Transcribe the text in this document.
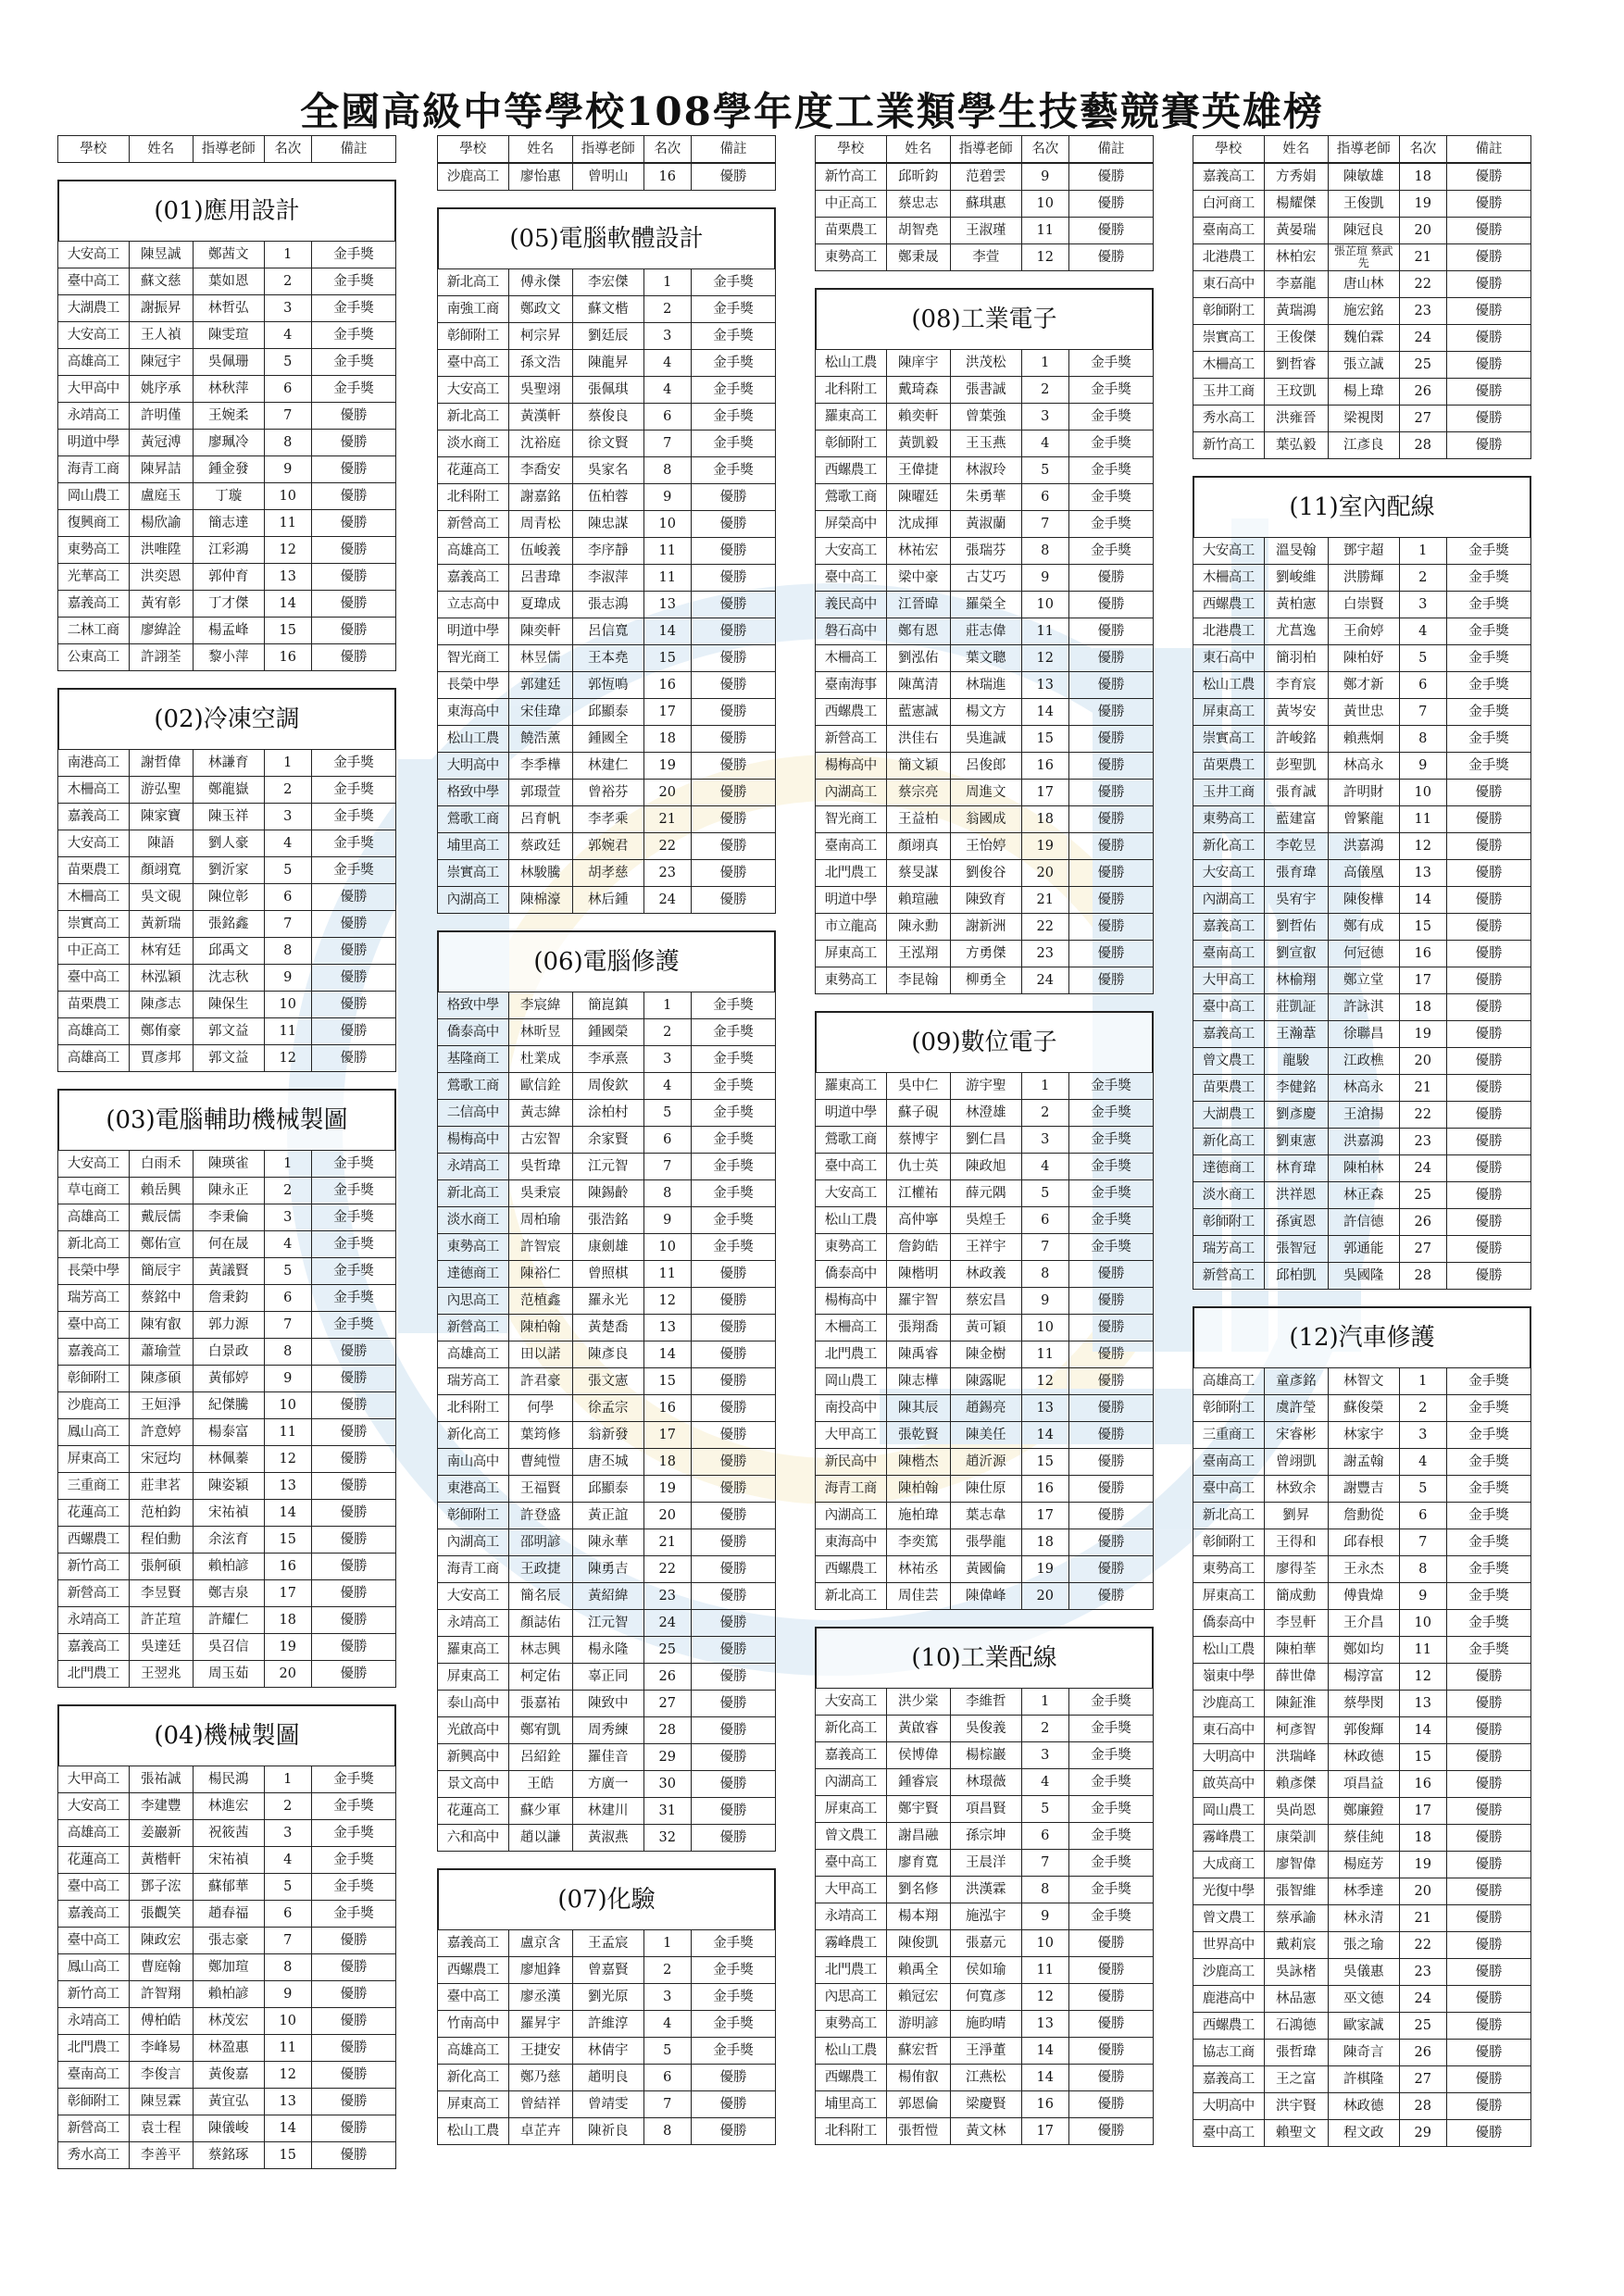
全國高級中等學校108學年度工業類學生技藝競賽英雄榜
學校	姓名	指導老師	名次	備註
(01)應用設計
大安高工	陳昱誠	鄭茜文	1	金手獎
臺中高工	蘇文慈	葉如恩	2	金手獎
大湖農工	謝振昇	林哲弘	3	金手獎
大安高工	王人禎	陳雯瑄	4	金手獎
高雄高工	陳冠宇	吳佩珊	5	金手獎
大甲高中	姚序承	林秋萍	6	金手獎
永靖高工	許明僅	王婉柔	7	優勝
明道中學	黃冠溥	廖珮冷	8	優勝
海青工商	陳昇詰	鍾金發	9	優勝
岡山農工	盧庭玉	丁璇	10	優勝
復興商工	楊欣諭	簡志達	11	優勝
東勢高工	洪唯陞	江彩鴻	12	優勝
光華高工	洪奕恩	郭仲育	13	優勝
嘉義高工	黃宥彰	丁才傑	14	優勝
二林工商	廖緯詮	楊孟峰	15	優勝
公東高工	許詡荃	黎小萍	16	優勝
(02)冷凍空調
南港高工	謝哲偉	林謙育	1	金手獎
木柵高工	游弘聖	鄭龍嶽	2	金手獎
嘉義高工	陳家寶	陳玉祥	3	金手獎
大安高工	陳語	劉人豪	4	金手獎
苗栗農工	顏翊寬	劉沂家	5	金手獎
木柵高工	吳文硯	陳位彰	6	優勝
崇實高工	黃新瑞	張銘鑫	7	優勝
中正高工	林宥廷	邱禹文	8	優勝
臺中高工	林泓穎	沈志秋	9	優勝
苗栗農工	陳彥志	陳保生	10	優勝
高雄高工	鄭侑豪	郭文益	11	優勝
高雄高工	賈彥邦	郭文益	12	優勝
(03)電腦輔助機械製圖
大安高工	白雨禾	陳瑛雀	1	金手獎
草屯商工	賴岳興	陳永正	2	金手獎
高雄高工	戴辰儒	李秉倫	3	金手獎
新北高工	鄭佑宣	何在晟	4	金手獎
長榮中學	簡辰宇	黃議賢	5	金手獎
瑞芳高工	蔡銘中	詹秉鈞	6	金手獎
臺中高工	陳宥叡	郭力源	7	金手獎
嘉義高工	蕭瑜萱	白景政	8	優勝
彰師附工	陳彥碩	黃郁婷	9	優勝
沙鹿高工	王姮淨	紀傑騰	10	優勝
鳳山高工	許意婷	楊泰富	11	優勝
屏東高工	宋冠均	林佩蓁	12	優勝
三重商工	莊聿茗	陳姿穎	13	優勝
花蓮高工	范柏鈞	宋祐禎	14	優勝
西螺農工	程伯勳	余泫育	15	優勝
新竹高工	張舸碩	賴柏諺	16	優勝
新營高工	李昱賢	鄭吉泉	17	優勝
永靖高工	許芷瑄	許耀仁	18	優勝
嘉義高工	吳達廷	吳召信	19	優勝
北門農工	王翌兆	周玉茹	20	優勝
(04)機械製圖
大甲高工	張祐誠	楊民鴻	1	金手獎
大安高工	李建豐	林進宏	2	金手獎
高雄高工	姜巖新	祝筱茜	3	金手獎
花蓮高工	黃楷軒	宋祐禎	4	金手獎
臺中高工	鄧子浤	蘇郁華	5	金手獎
嘉義高工	張觀笑	趙春福	6	金手獎
臺中高工	陳政宏	張志豪	7	優勝
鳳山高工	曹庭翰	鄭加瑄	8	優勝
新竹高工	許智翔	賴柏諺	9	優勝
永靖高工	傅柏皓	林茂宏	10	優勝
北門農工	李峰易	林盈惠	11	優勝
臺南高工	李俊言	黃俊嘉	12	優勝
彰師附工	陳昱霖	黃宜弘	13	優勝
新營高工	袁士程	陳儀峻	14	優勝
秀水高工	李善平	蔡銘琢	15	優勝
學校	姓名	指導老師	名次	備註
沙鹿高工	廖怡惠	曾明山	16	優勝
(05)電腦軟體設計
新北高工	傅永傑	李宏傑	1	金手獎
南強工商	鄭政文	蘇文楷	2	金手獎
彰師附工	柯宗昇	劉廷辰	3	金手獎
臺中高工	孫文浩	陳龍昇	4	金手獎
大安高工	吳聖翊	張佩琪	4	金手獎
新北高工	黃漢軒	蔡俊良	6	金手獎
淡水商工	沈裕庭	徐文賢	7	金手獎
花蓮高工	李喬安	吳家名	8	金手獎
北科附工	謝嘉銘	伍柏蓉	9	優勝
新營高工	周青松	陳忠謀	10	優勝
高雄高工	伍峻義	李序靜	11	優勝
嘉義高工	呂書瑋	李淑萍	11	優勝
立志高中	夏瑋成	張志鴻	13	優勝
明道中學	陳奕軒	呂信寬	14	優勝
智光商工	林昱儒	王本堯	15	優勝
長榮中學	郭建廷	郭恆鳴	16	優勝
東海高中	宋佳瑋	邱顯泰	17	優勝
松山工農	饒浩薰	鍾國全	18	優勝
大明高中	李季樺	林建仁	19	優勝
格致中學	郭璟萱	曾裕芬	20	優勝
鶯歌工商	呂育帆	李孝乘	21	優勝
埔里高工	蔡政廷	郭婉君	22	優勝
崇實高工	林駿騰	胡孝慈	23	優勝
內湖高工	陳棉濠	林后鍾	24	優勝
(06)電腦修護
格致中學	李宸緯	簡崑鎮	1	金手獎
僑泰高中	林昕昱	鍾國榮	2	金手獎
基隆商工	杜業成	李承熹	3	金手獎
鶯歌工商	歐信銓	周俊欽	4	金手獎
二信高中	黃志緯	涂柏村	5	金手獎
楊梅高中	古宏智	余家賢	6	金手獎
永靖高工	吳哲瑋	江元智	7	金手獎
新北高工	吳秉宸	陳錫齡	8	金手獎
淡水商工	周柏瑜	張浩銘	9	金手獎
東勢高工	許智宸	康劍雄	10	金手獎
達德商工	陳裕仁	曾照棋	11	優勝
內思高工	范植鑫	羅永光	12	優勝
新營高工	陳柏翰	黃楚喬	13	優勝
高雄高工	田以諾	陳彥良	14	優勝
瑞芳高工	許君豪	張文憲	15	優勝
北科附工	何學	徐孟宗	16	優勝
新化高工	葉筠修	翁新發	17	優勝
南山高中	曹純愷	唐丕城	18	優勝
東港高工	王福賢	邱顯泰	19	優勝
彰師附工	許登盛	黃正誼	20	優勝
內湖高工	邵明諺	陳永華	21	優勝
海青工商	王政捷	陳勇吉	22	優勝
大安高工	簡名辰	黃紹緯	23	優勝
永靖高工	顏誌佑	江元智	24	優勝
羅東高工	林志興	楊永隆	25	優勝
屏東高工	柯定佑	辜正同	26	優勝
泰山高中	張嘉祐	陳致中	27	優勝
光啟高中	鄭宥凱	周秀練	28	優勝
新興高中	呂紹銓	羅佳音	29	優勝
景文高中	王皓	方廣一	30	優勝
花蓮高工	蘇少軍	林建川	31	優勝
六和高中	趙以謙	黃淑燕	32	優勝
(07)化驗
嘉義高工	盧京含	王孟宸	1	金手獎
西螺農工	廖旭鋒	曾嘉賢	2	金手獎
臺中高工	廖丞漢	劉光原	3	金手獎
竹南高中	羅昇宇	許維淳	4	金手獎
高雄高工	王捷安	林倩宇	5	金手獎
新化高工	鄭乃慈	趙明良	6	優勝
屏東高工	曾結祥	曾靖雯	7	優勝
松山工農	卓芷卉	陳祈良	8	優勝
學校	姓名	指導老師	名次	備註
新竹高工	邱昕鈞	范碧雲	9	優勝
中正高工	蔡忠志	蘇琪惠	10	優勝
苗栗農工	胡智堯	王淑瑾	11	優勝
東勢高工	鄭秉晟	李萱	12	優勝
(08)工業電子
松山工農	陳庠宇	洪茂松	1	金手獎
北科附工	戴琦森	張書誠	2	金手獎
羅東高工	賴奕軒	曾葉強	3	金手獎
彰師附工	黃凱毅	王玉燕	4	金手獎
西螺農工	王偉捷	林淑玲	5	金手獎
鶯歌工商	陳曜廷	朱勇華	6	金手獎
屏榮高中	沈成揮	黃淑蘭	7	金手獎
大安高工	林祐宏	張瑞芬	8	金手獎
臺中高工	梁中豪	古艾巧	9	優勝
義民高中	江晉暐	羅榮全	10	優勝
磐石高中	鄭有恩	莊志偉	11	優勝
木柵高工	劉泓佑	葉文聰	12	優勝
臺南海事	陳萬清	林瑞進	13	優勝
西螺農工	藍憲誠	楊文方	14	優勝
新營高工	洪佳右	吳進誠	15	優勝
楊梅高中	簡文穎	呂俊郎	16	優勝
內湖高工	蔡宗亮	周進文	17	優勝
智光商工	王益柏	翁國成	18	優勝
臺南高工	顏翊真	王怡婷	19	優勝
北門農工	蔡旻謀	劉俊谷	20	優勝
明道中學	賴瑄融	陳致育	21	優勝
市立龍高	陳永勳	謝新洲	22	優勝
屏東高工	王泓翔	方勇傑	23	優勝
東勢高工	李昆翰	柳勇全	24	優勝
(09)數位電子
羅東高工	吳中仁	游宇聖	1	金手獎
明道中學	蘇子硯	林澄雄	2	金手獎
鶯歌工商	蔡博宇	劉仁昌	3	金手獎
臺中高工	仇士英	陳政旭	4	金手獎
大安高工	江權祐	薛元隅	5	金手獎
松山工農	高仲寧	吳煌壬	6	金手獎
東勢高工	詹鈞皓	王祥宇	7	金手獎
僑泰高中	陳楷明	林政義	8	優勝
楊梅高中	羅宇智	蔡宏昌	9	優勝
木柵高工	張翔喬	黃可穎	10	優勝
北門農工	陳禹睿	陳金樹	11	優勝
岡山農工	陳志樺	陳露昵	12	優勝
南投高中	陳其辰	趙錫亮	13	優勝
大甲高工	張乾賢	陳美任	14	優勝
新民高中	陳楷杰	趙沂源	15	優勝
海青工商	陳柏翰	陳仕原	16	優勝
內湖高工	施柏瑋	葉志韋	17	優勝
東海高中	李奕篤	張學龍	18	優勝
西螺農工	林祐丞	黃國倫	19	優勝
新北高工	周佳芸	陳偉峰	20	優勝
(10)工業配線
大安高工	洪少棠	李維哲	1	金手獎
新化高工	黃啟睿	吳俊義	2	金手獎
嘉義高工	侯博偉	楊棕巖	3	金手獎
內湖高工	鍾睿宸	林璟薇	4	金手獎
屏東高工	鄭宇賢	項昌賢	5	金手獎
曾文農工	謝昌融	孫宗坤	6	金手獎
臺中高工	廖育寬	王晨洋	7	金手獎
大甲高工	劉名修	洪漢霖	8	金手獎
永靖高工	楊本翔	施泓宇	9	金手獎
霧峰農工	陳俊凱	張嘉元	10	優勝
北門農工	賴禹全	侯如瑜	11	優勝
內思高工	賴冠宏	何寬彥	12	優勝
東勢高工	游明諺	施昀晴	13	優勝
松山工農	蘇宏哲	王淨董	14	優勝
西螺農工	楊侑叡	江燕松	14	優勝
埔里高工	郭恩倫	梁慶賢	16	優勝
北科附工	張哲愷	黃文林	17	優勝
學校	姓名	指導老師	名次	備註
嘉義高工	方秀娟	陳敏雄	18	優勝
白河商工	楊耀傑	王俊凱	19	優勝
臺南高工	黃晏瑞	陳冠良	20	優勝
北港農工	林柏宏	張芷瑄 蔡武先	21	優勝
東石高中	李嘉龍	唐山林	22	優勝
彰師附工	黃瑞鴻	施宏銘	23	優勝
崇實高工	王俊傑	魏伯霖	24	優勝
木柵高工	劉哲睿	張立誠	25	優勝
玉井工商	王玟凱	楊上瑋	26	優勝
秀水高工	洪雍晉	梁視閔	27	優勝
新竹高工	葉弘毅	江彥良	28	優勝
(11)室內配線
大安高工	溫旻翰	鄧宇超	1	金手獎
木柵高工	劉峻維	洪勝輝	2	金手獎
西螺農工	黃柏憲	白崇賢	3	金手獎
北港農工	尤菖逸	王俞婷	4	金手獎
東石高中	簡羽柏	陳柏妤	5	金手獎
松山工農	李育宸	鄭才新	6	金手獎
屏東高工	黃岑安	黃世忠	7	金手獎
崇實高工	許峻銘	賴燕炯	8	金手獎
苗栗農工	彭聖凱	林高永	9	金手獎
玉井工商	張育誠	許明財	10	優勝
東勢高工	藍建富	曾繁龍	11	優勝
新化高工	李乾昱	洪嘉鴻	12	優勝
大安高工	張育瑋	高儀凰	13	優勝
內湖高工	吳宥宇	陳俊樺	14	優勝
嘉義高工	劉哲佑	鄭有成	15	優勝
臺南高工	劉宣叡	何冠德	16	優勝
大甲高工	林榆翔	鄭立堂	17	優勝
臺中高工	莊凱証	許詠淇	18	優勝
嘉義高工	王瀚葦	徐聯昌	19	優勝
曾文農工	龍駿	江政樵	20	優勝
苗栗農工	李健銘	林高永	21	優勝
大湖農工	劉彥慶	王滄揚	22	優勝
新化高工	劉東憲	洪嘉鴻	23	優勝
達德商工	林育瑋	陳柏林	24	優勝
淡水商工	洪祥恩	林正森	25	優勝
彰師附工	孫寅恩	許信德	26	優勝
瑞芳高工	張智冠	郭通能	27	優勝
新營高工	邱柏凱	吳國隆	28	優勝
(12)汽車修護
高雄高工	童彥銘	林智文	1	金手獎
彰師附工	虞許瑩	蘇俊榮	2	金手獎
三重商工	宋睿彬	林家宇	3	金手獎
臺南高工	曾翊凱	謝孟翰	4	金手獎
臺中高工	林致余	謝豐吉	5	金手獎
新北高工	劉昇	詹勳從	6	金手獎
彰師附工	王得和	邱春根	7	金手獎
東勢高工	廖得荃	王永杰	8	金手獎
屏東高工	簡成勳	傅貴煒	9	金手獎
僑泰高中	李昱軒	王介昌	10	金手獎
松山工農	陳柏華	鄭如均	11	金手獎
嶺東中學	薛世偉	楊淳富	12	優勝
沙鹿高工	陳鉦淮	蔡學閔	13	優勝
東石高中	柯彥智	郭俊輝	14	優勝
大明高中	洪瑞峰	林政德	15	優勝
啟英高中	賴彥傑	項昌益	16	優勝
岡山農工	吳尚恩	鄭廉鐙	17	優勝
霧峰農工	康榮訓	蔡佳純	18	優勝
大成商工	廖智偉	楊庭芳	19	優勝
光復中學	張智維	林季達	20	優勝
曾文農工	蔡承諭	林永清	21	優勝
世界高中	戴莉宸	張之瑜	22	優勝
沙鹿高工	吳詠楮	吳儀惠	23	優勝
鹿港高中	林品憲	巫文德	24	優勝
西螺農工	石鴻德	歐家誠	25	優勝
協志工商	張哲瑋	陳奇言	26	優勝
嘉義高工	王之富	許棋隆	27	優勝
大明高中	洪宇賢	林政德	28	優勝
臺中高工	賴聖文	程文政	29	優勝
